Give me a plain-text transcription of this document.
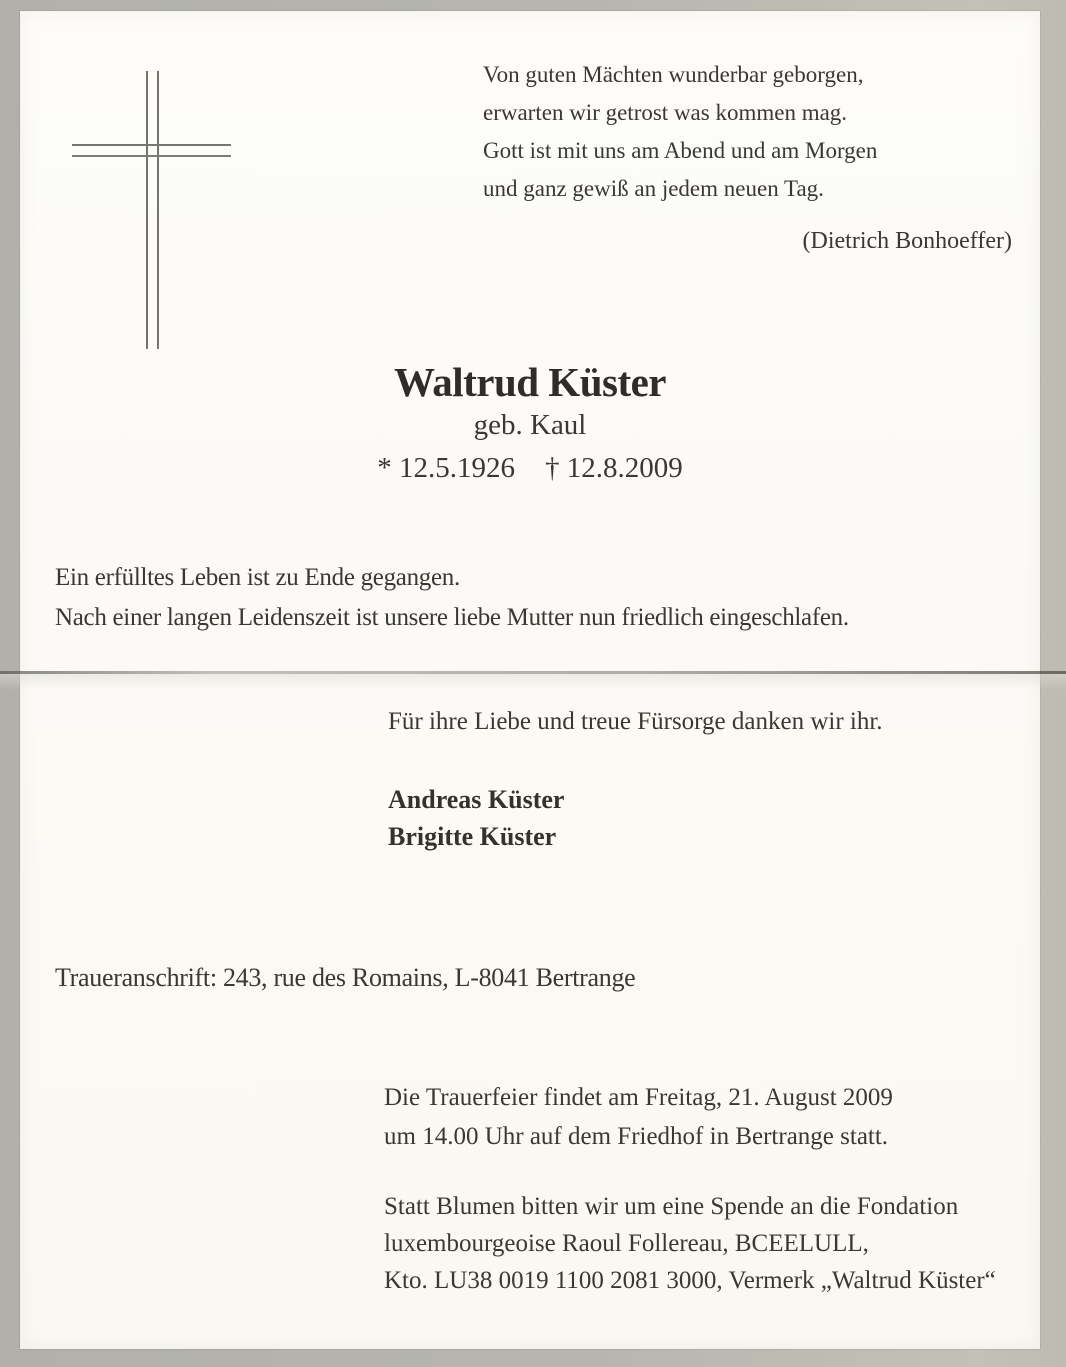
Von guten Mächten wunderbar geborgen,
erwarten wir getrost was kommen mag.
Gott ist mit uns am Abend und am Morgen
und ganz gewiß an jedem neuen Tag.
(Dietrich Bonhoeffer)
Waltrud Küster
geb. Kaul
* 12.5.1926 † 12.8.2009
Ein erfülltes Leben ist zu Ende gegangen.
Nach einer langen Leidenszeit ist unsere liebe Mutter nun friedlich eingeschlafen.
Für ihre Liebe und treue Fürsorge danken wir ihr.
Andreas Küster
Brigitte Küster
Traueranschrift: 243, rue des Romains, L-8041 Bertrange
Die Trauerfeier findet am Freitag, 21. August 2009
um 14.00 Uhr auf dem Friedhof in Bertrange statt.
Statt Blumen bitten wir um eine Spende an die Fondation
luxembourgeoise Raoul Follereau, BCEELULL,
Kto. LU38 0019 1100 2081 3000, Vermerk „Waltrud Küster“
